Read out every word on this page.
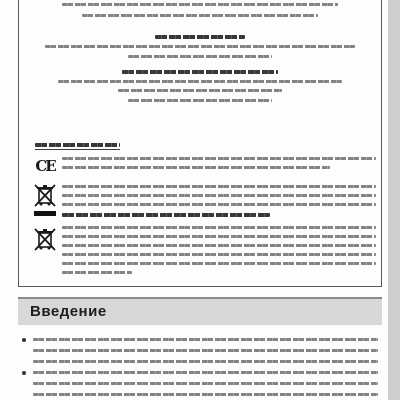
CE
Введение
